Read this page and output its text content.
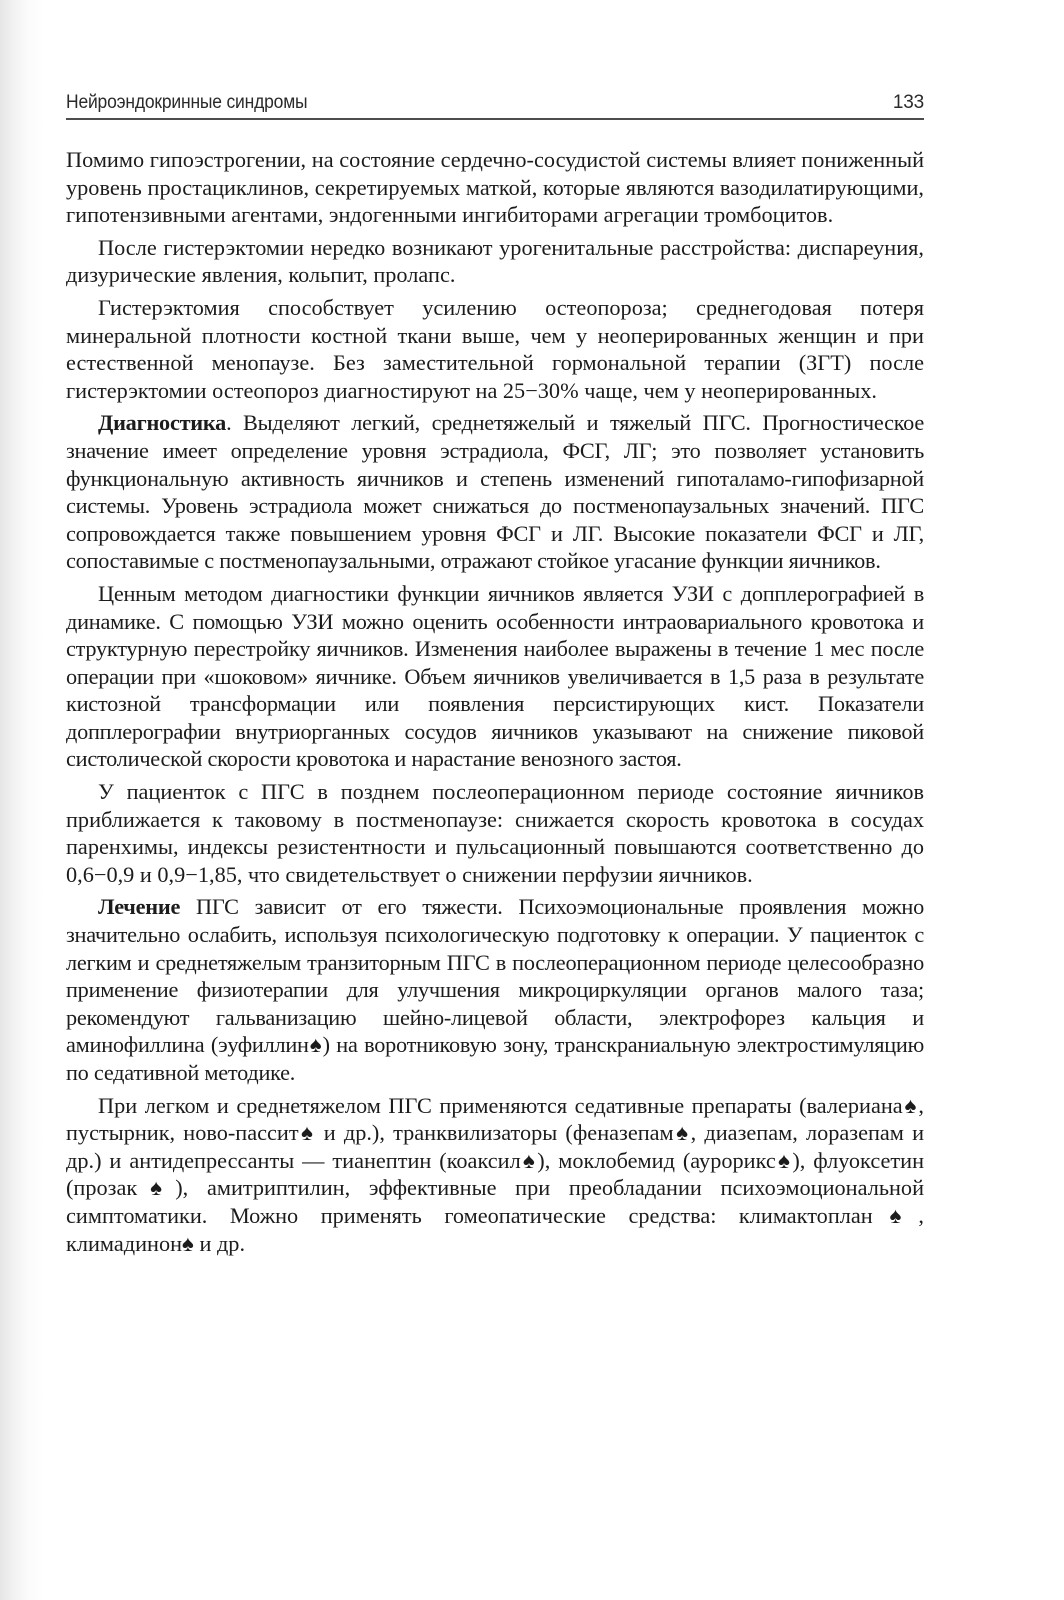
Нейроэндокринные синдромы	133

Помимо гипоэстрогении, на состояние сердечно-сосудистой системы влияет пониженный уровень простациклинов, секретируемых маткой, которые являются вазодилатирующими, гипотензивными агентами, эндогенными ингибиторами агрегации тромбоцитов.

После гистерэктомии нередко возникают урогенитальные расстройства: диспареуния, дизурические явления, кольпит, пролапс.

Гистерэктомия способствует усилению остеопороза; среднегодовая потеря минеральной плотности костной ткани выше, чем у неоперированных женщин и при естественной менопаузе. Без заместительной гормональной терапии (ЗГТ) после гистерэктомии остеопороз диагностируют на 25−30% чаще, чем у неоперированных.

Диагностика. Выделяют легкий, среднетяжелый и тяжелый ПГС. Прогностическое значение имеет определение уровня эстрадиола, ФСГ, ЛГ; это позволяет установить функциональную активность яичников и степень изменений гипоталамо-гипофизарной системы. Уровень эстрадиола может снижаться до постменопаузальных значений. ПГС сопровождается также повышением уровня ФСГ и ЛГ. Высокие показатели ФСГ и ЛГ, сопоставимые с постменопаузальными, отражают стойкое угасание функции яичников.

Ценным методом диагностики функции яичников является УЗИ с допплерографией в динамике. С помощью УЗИ можно оценить особенности интраовариального кровотока и структурную перестройку яичников. Изменения наиболее выражены в течение 1 мес после операции при «шоковом» яичнике. Объем яичников увеличивается в 1,5 раза в результате кистозной трансформации или появления персистирующих кист. Показатели допплерографии внутриорганных сосудов яичников указывают на снижение пиковой систолической скорости кровотока и нарастание венозного застоя.

У пациенток с ПГС в позднем послеоперационном периоде состояние яичников приближается к таковому в постменопаузе: снижается скорость кровотока в сосудах паренхимы, индексы резистентности и пульсационный повышаются соответственно до 0,6−0,9 и 0,9−1,85, что свидетельствует о снижении перфузии яичников.

Лечение ПГС зависит от его тяжести. Психоэмоциональные проявления можно значительно ослабить, используя психологическую подготовку к операции. У пациенток с легким и среднетяжелым транзиторным ПГС в послеоперационном периоде целесообразно применение физиотерапии для улучшения микроциркуляции органов малого таза; рекомендуют гальванизацию шейно-лицевой области, электрофорез кальция и аминофиллина (эуфиллин♠) на воротниковую зону, транскраниальную электростимуляцию по седативной методике.

При легком и среднетяжелом ПГС применяются седативные препараты (валериана♠, пустырник, ново-пассит♠ и др.), транквилизаторы (феназепам♠, диазепам, лоразепам и др.) и антидепрессанты — тианептин (коаксил♠), моклобемид (аурорикс♠), флуоксетин (прозак♠), амитриптилин, эффективные при преобладании психоэмоциональной симптоматики. Можно применять гомеопатические средства: климактоплан♠, климадинон♠ и др.
